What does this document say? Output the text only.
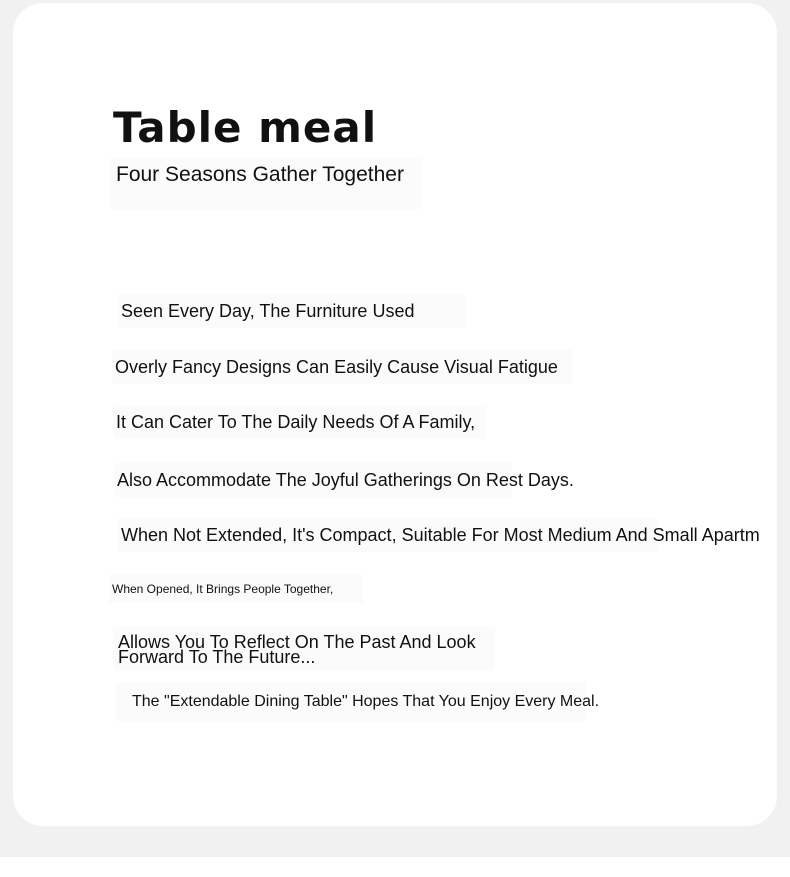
Table meal
Four Seasons Gather Together
Seen Every Day, The Furniture Used
Overly Fancy Designs Can Easily Cause Visual Fatigue
It Can Cater To The Daily Needs Of A Family,
Also Accommodate The Joyful Gatherings On Rest Days.
When Not Extended, It's Compact, Suitable For Most Medium And Small Apartm
When Opened, It Brings People Together,
Allows You To Reflect On The Past And Look Forward To The Future...
The "Extendable Dining Table" Hopes That You Enjoy Every Meal.
